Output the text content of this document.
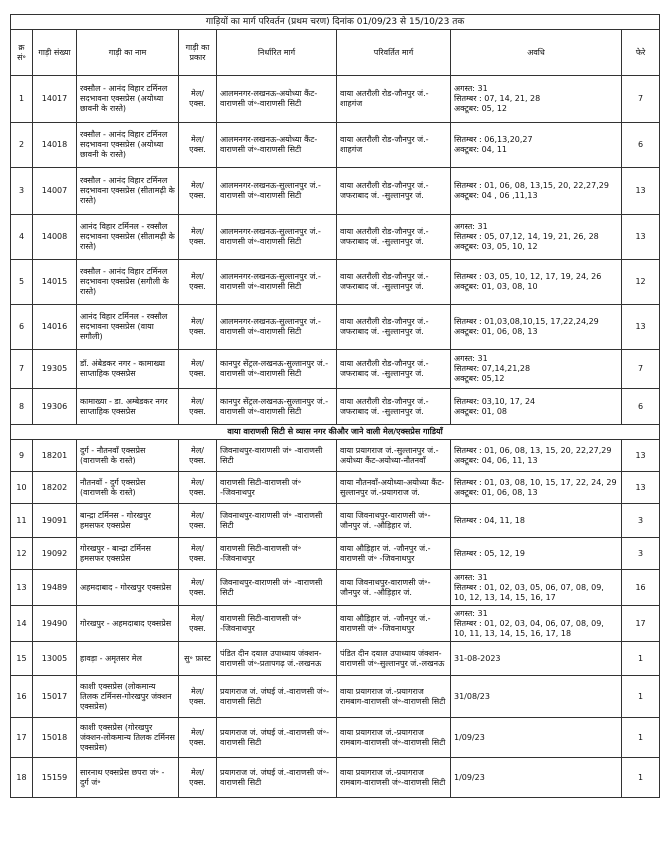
गाड़ियों का मार्ग परिवर्तन (प्रथम चरण) दिनांक 01/09/23 से 15/10/23 तक							
क्र सं॰	गाड़ी संख्या	गाड़ी का नाम	गाड़ी का प्रकार	निर्धारित मार्ग	परिवर्तित मार्ग	अवधि	फेरे
1	14017	रक्सौल - आनंद विहार टर्मिनल सदभावना एक्सप्रेस (अयोध्या छावनी के रास्ते)	मेल/ एक्स.	आलमनगर-लखनऊ-अयोध्या कैंट-वाराणसी जं॰-वाराणसी सिटी	वाया अतरौली रोड-जौनपुर जं.-शाहगंज	अगस्त: 31
सितम्बर : 07, 14, 21, 28
अक्टूबर: 05, 12	7
2	14018	रक्सौल - आनंद विहार टर्मिनल सदभावना एक्सप्रेस (अयोध्या छावनी के रास्ते)	मेल/ एक्स.	आलमनगर-लखनऊ-अयोध्या कैंट-वाराणसी जं॰-वाराणसी सिटी	वाया अतरौली रोड-जौनपुर जं.-शाहगंज	सितम्बर : 06,13,20,27
अक्टूबर: 04, 11	6
3	14007	रक्सौल - आनंद विहार टर्मिनल सदभावना एक्सप्रेस (सीतामढ़ी के रास्ते)	मेल/ एक्स.	आलमनगर-लखनऊ-सुल्तानपुर जं.-वाराणसी जं॰-वाराणसी सिटी	वाया अतरौली रोड-जौनपुर जं.-जफराबाद जं. -सुल्तानपुर जं.	सितम्बर : 01, 06, 08, 13,15, 20, 22,27,29
अक्टूबर: 04 , 06 ,11,13	13
4	14008	आनंद विहार टर्मिनल - रक्सौल सदभावना एक्सप्रेस (सीतामढ़ी के रास्ते)	मेल/ एक्स.	आलमनगर-लखनऊ-सुल्तानपुर जं.-वाराणसी जं॰-वाराणसी सिटी	वाया अतरौली रोड-जौनपुर जं.-जफराबाद जं. -सुल्तानपुर जं.	अगस्त: 31
सितम्बर : 05, 07,12, 14, 19, 21, 26, 28
अक्टूबर: 03, 05, 10, 12	13
5	14015	रक्सौल - आनंद विहार टर्मिनल सदभावना एक्सप्रेस (सगौली के रास्ते)	मेल/ एक्स.	आलमनगर-लखनऊ-सुल्तानपुर जं.-वाराणसी जं॰-वाराणसी सिटी	वाया अतरौली रोड-जौनपुर जं.-जफराबाद जं. -सुल्तानपुर जं.	सितम्बर : 03, 05, 10, 12, 17, 19, 24, 26
अक्टूबर: 01, 03, 08, 10	12
6	14016	आनंद विहार टर्मिनल - रक्सौल सदभावना एक्सप्रेस (वाया सगौली)	मेल/ एक्स.	आलमनगर-लखनऊ-सुल्तानपुर जं.-वाराणसी जं॰-वाराणसी सिटी	वाया अतरौली रोड-जौनपुर जं.-जफराबाद जं. -सुल्तानपुर जं.	सितम्बर : 01,03,08,10,15, 17,22,24,29
अक्टूबर: 01, 06, 08, 13	13
7	19305	डॉ. अंबेडकर नगर - कामाख्या साप्ताहिक एक्सप्रेस	मेल/ एक्स.	कानपुर सेंट्रल-लखनऊ-सुल्तानपुर जं.-वाराणसी जं॰-वाराणसी सिटी	वाया अतरौली रोड-जौनपुर जं.-जफराबाद जं. -सुल्तानपुर जं.	अगस्त: 31
सितम्बर: 07,14,21,28
अक्टूबर: 05,12	7
8	19306	कामाख्या - डा. अम्बेडकर नगर साप्ताहिक एक्सप्रेस	मेल/ एक्स.	कानपुर सेंट्रल-लखनऊ-सुल्तानपुर जं.-वाराणसी जं॰-वाराणसी सिटी	वाया अतरौली रोड-जौनपुर जं.-जफराबाद जं. -सुल्तानपुर जं.	सितम्बर: 03,10, 17, 24
अक्टूबर: 01, 08	6
वाया वाराणसी सिटी से व्यास नगर कीऔर जाने वाली मेल/एक्सप्रेस गाडियाँ							
9	18201	दुर्ग - नौतनवाँ एक्सप्रेस (वाराणसी के रास्ते)	मेल/ एक्स.	जिवनाथपुर-वाराणसी जं॰ -वाराणसी सिटी	वाया प्रयागराज जं.-सुल्तानपुर जं.-अयोध्या कैंट-अयोध्या-नौतनवाँ	सितम्बर : 01, 06, 08, 13, 15, 20, 22,27,29
अक्टूबर: 04, 06, 11, 13	13
10	18202	नौतनवाँ - दुर्ग एक्सप्रेस (वाराणसी के रास्ते)	मेल/ एक्स.	वाराणसी सिटी-वाराणसी जं॰ -जिवनाथपुर	वाया नौतनवाँ-अयोध्या-अयोध्या कैंट-सुल्तानपुर जं.-प्रयागराज जं.	सितम्बर : 01, 03, 08, 10, 15, 17, 22, 24, 29
अक्टूबर: 01, 06, 08, 13	13
11	19091	बान्द्रा टर्मिनस - गोरखपुर हमसफर एक्सप्रेस	मेल/ एक्स.	जिवनाथपुर-वाराणसी जं॰ -वाराणसी सिटी	वाया जिवनाथपुर-वाराणसी जं॰-जौनपुर जं. -औड़िहार जं.	सितम्बर : 04, 11, 18	3
12	19092	गोरखपुर - बान्द्रा टर्मिनस हमसफर एक्सप्रेस	मेल/ एक्स.	वाराणसी सिटी-वाराणसी जं॰ -जिवनाथपुर	वाया औड़िहार जं. -जौनपुर जं.-वाराणसी जं॰ -जिवनाथपुर	सितम्बर : 05, 12, 19	3
13	19489	अहमदाबाद - गोरखपुर एक्सप्रेस	मेल/ एक्स.	जिवनाथपुर-वाराणसी जं॰ -वाराणसी सिटी	वाया जिवनाथपुर-वाराणसी जं॰-जौनपुर जं. -औड़िहार जं.	अगस्त: 31
सितम्बर : 01, 02, 03, 05, 06, 07, 08, 09, 10, 12, 13, 14, 15, 16, 17	16
14	19490	गोरखपुर - अहमदाबाद एक्सप्रेस	मेल/ एक्स.	वाराणसी सिटी-वाराणसी जं॰ -जिवनाथपुर	वाया औड़िहार जं. -जौनपुर जं.-वाराणसी जं॰ -जिवनाथपुर	अगस्त: 31
सितम्बर : 01, 02, 03, 04, 06, 07, 08, 09, 10, 11, 13, 14, 15, 16, 17, 18	17
15	13005	हावड़ा - अमृतसर मेल	सु॰ फ़ास्ट	पंडित दीन दयाल उपाध्याय जंक्शन-वाराणसी जं॰-प्रतापगढ़ जं.-लखनऊ	पंडित दीन दयाल उपाध्याय जंक्शन-वाराणसी जं॰-सुल्तानपुर जं.-लखनऊ	31-08-2023	1
16	15017	काशी एक्सप्रेस (लोकमान्य तिलक टर्मिनस-गोरखपुर जंक्शन एक्सप्रेस)	मेल/ एक्स.	प्रयागराज जं. जंघई जं.-वाराणसी जं॰-वाराणसी सिटी	वाया प्रयागराज जं.-प्रयागराज रामबाग-वाराणसी जं॰-वाराणसी सिटी	31/08/23	1
17	15018	काशी एक्सप्रेस (गोरखपुर जंक्शन-लोकमान्य तिलक टर्मिनस एक्सप्रेस)	मेल/ एक्स.	प्रयागराज जं. जंघई जं.-वाराणसी जं॰-वाराणसी सिटी	वाया प्रयागराज जं.-प्रयागराज रामबाग-वाराणसी जं॰-वाराणसी सिटी	1/09/23	1
18	15159	सारनाथ एक्सप्रेस छपरा जं॰ - दुर्ग जं॰	मेल/ एक्स.	प्रयागराज जं. जंघई जं.-वाराणसी जं॰-वाराणसी सिटी	वाया प्रयागराज जं.-प्रयागराज रामबाग-वाराणसी जं॰-वाराणसी सिटी	1/09/23	1
